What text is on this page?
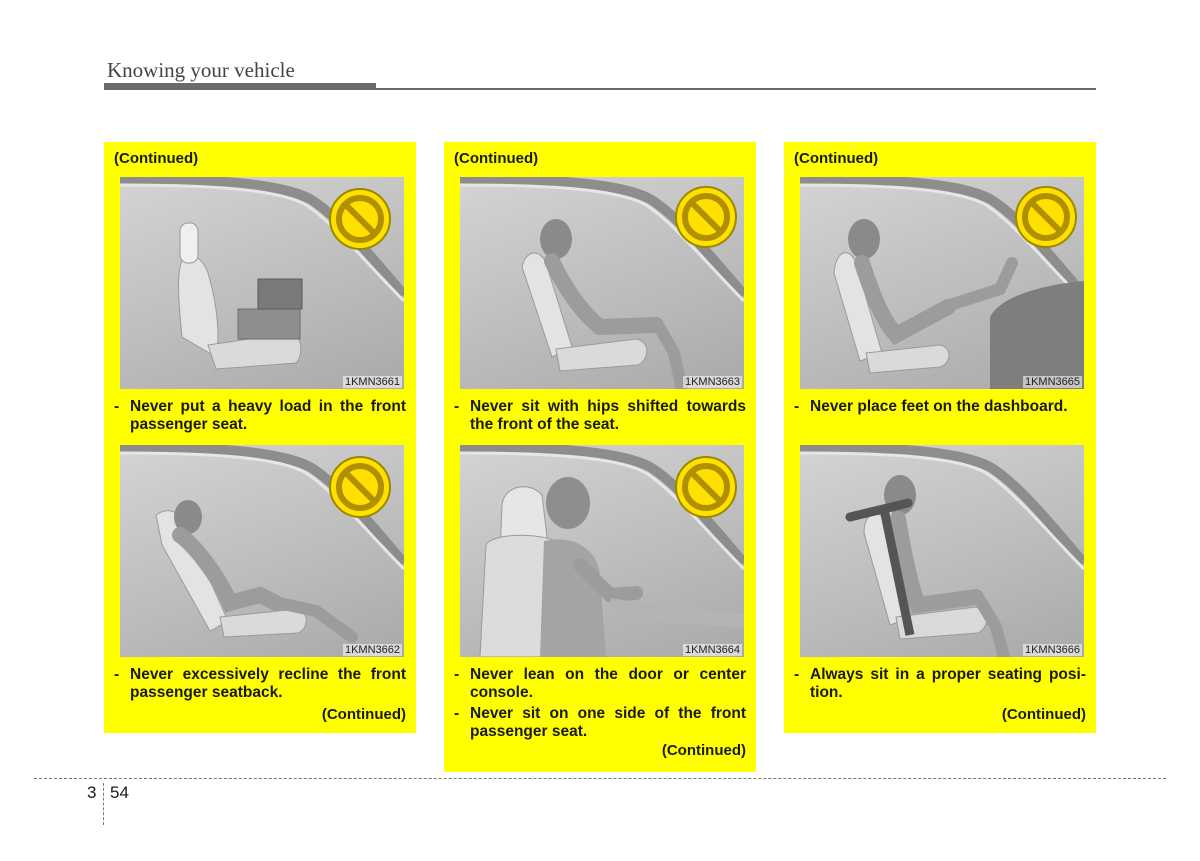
Knowing your vehicle
(Continued)
1KMN3661
- Never put a heavy load in the front passenger seat.
1KMN3662
- Never excessively recline the front passenger seatback.
(Continued)
(Continued)
1KMN3663
- Never sit with hips shifted towards the front of the seat.
1KMN3664
- Never lean on the door or center console.
- Never sit on one side of the front passenger seat.
(Continued)
(Continued)
1KMN3665
- Never place feet on the dashboard.
1KMN3666
- Always sit in a proper seating posi-tion.
(Continued)
3 54
